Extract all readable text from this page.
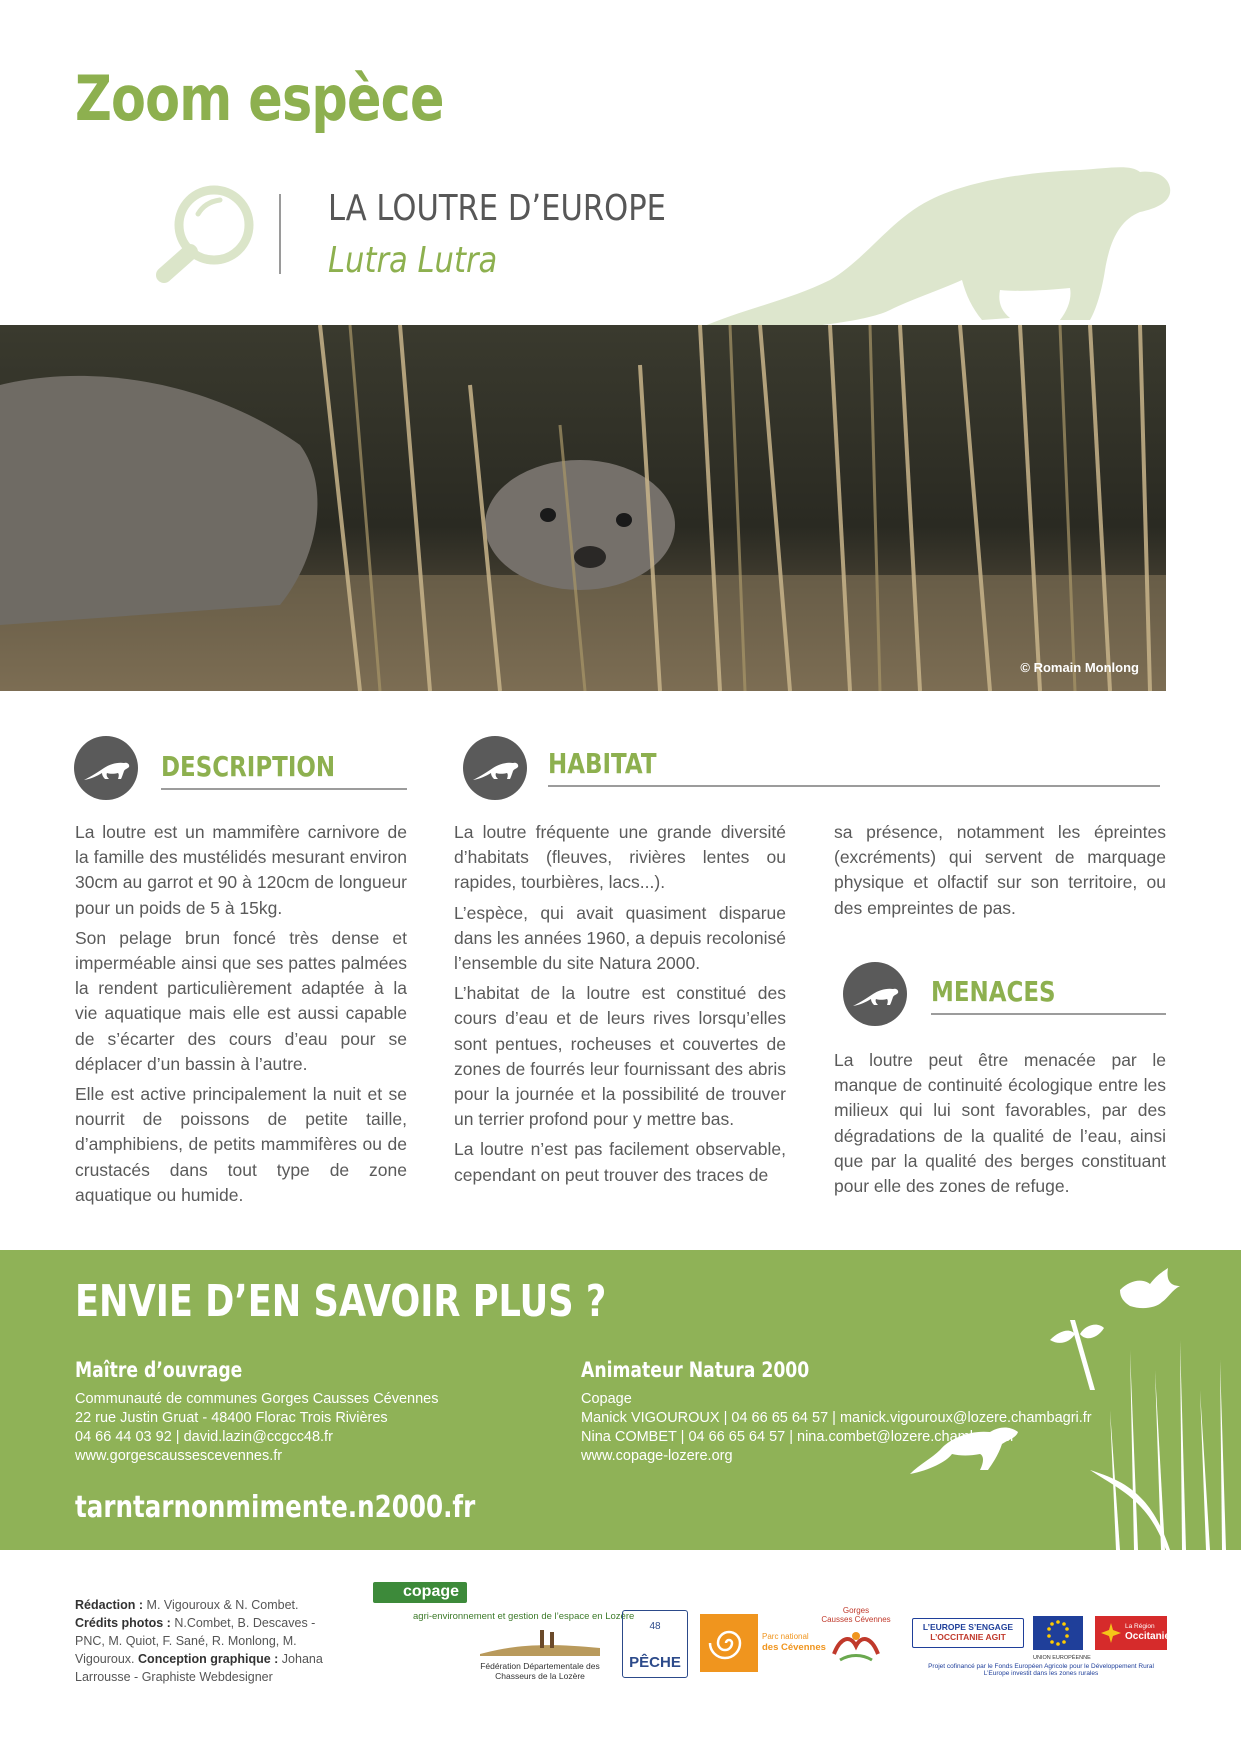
Zoom espèce
LA LOUTRE D’EUROPE
Lutra Lutra
© Romain Monlong
DESCRIPTION

La loutre est un mammifère carnivore de la famille des mustélidés mesurant environ 30cm au garrot et 90 à 120cm de longueur pour un poids de 5 à 15kg.

Son pelage brun foncé très dense et imperméable ainsi que ses pattes palmées la rendent particulièrement adaptée à la vie aquatique mais elle est aussi capable de s’écarter des cours d’eau pour se déplacer d’un bassin à l’autre.

Elle est active principalement la nuit et se nourrit de poissons de petite taille, d’amphibiens, de petits mammifères ou de crustacés dans tout type de zone aquatique ou humide.

HABITAT

La loutre fréquente une grande diversité d’habitats (fleuves, rivières lentes ou rapides, tourbières, lacs...).

L’espèce, qui avait quasiment disparue dans les années 1960, a depuis recolonisé l’ensemble du site Natura 2000.

L’habitat de la loutre est constitué des cours d’eau et de leurs rives lorsqu’elles sont pentues, rocheuses et couvertes de zones de fourrés leur fournissant des abris pour la journée et la possibilité de trouver un terrier profond pour y mettre bas.

La loutre n’est pas facilement observable, cependant on peut trouver des traces de

sa présence, notamment les épreintes (excréments) qui servent de marquage physique et olfactif sur son territoire, ou des empreintes de pas.

MENACES

La loutre peut être menacée par le manque de continuité écologique entre les milieux qui lui sont favorables, par des dégradations de la qualité de l’eau, ainsi que par la qualité des berges constituant pour elle des zones de refuge.

ENVIE D’EN SAVOIR PLUS ?
Maître d’ouvrage
Communauté de communes Gorges Causses Cévennes
22 rue Justin Gruat - 48400 Florac Trois Rivières
04 66 44 03 92 | david.lazin@ccgcc48.fr
www.gorgescaussescevennes.fr
Animateur Natura 2000
Copage
Manick VIGOUROUX | 04 66 65 64 57 | manick.vigouroux@lozere.chambagri.fr
Nina COMBET | 04 66 65 64 57 | nina.combet@lozere.chambagri.fr
www.copage-lozere.org
tarntarnonmimente.n2000.fr
Rédaction : M. Vigouroux & N. Combet.
Crédits photos : N.Combet, B. Descaves - PNC, M. Quiot, F. Sané, R. Monlong, M. Vigouroux. Conception graphique : Johana Larrousse - Graphiste Webdesigner
copage
agri-environnement et gestion de l’espace en Lozère
Fédération Départementale des Chasseurs de la Lozère
48
PÊCHE
Parc national
des Cévennes
Gorges
Causses Cévennes
L’EUROPE S’ENGAGE
L’OCCITANIE AGIT
UNION EUROPÉENNE
La Région
Occitanie
Projet cofinancé par le Fonds Européen Agricole pour le Développement Rural
L’Europe investit dans les zones rurales
